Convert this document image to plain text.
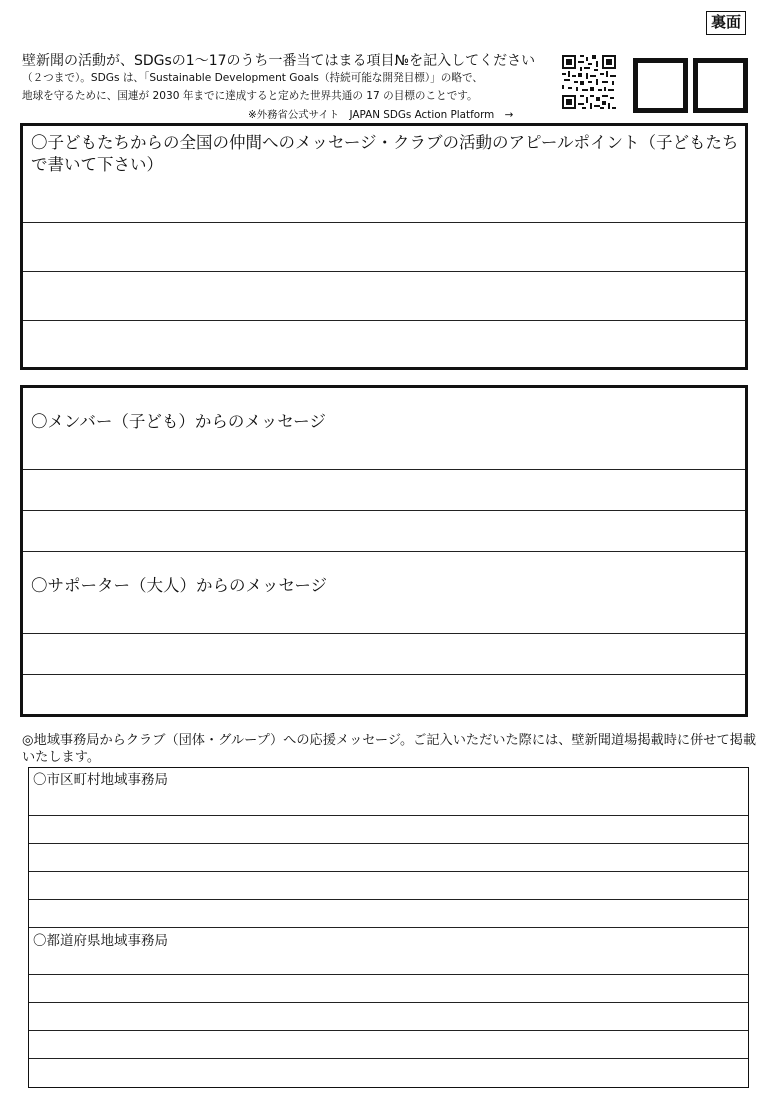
裏面
壁新聞の活動が、SDGsの1～17のうち一番当てはまる項目№を記入してください
（２つまで）。SDGs は、「Sustainable Development Goals（持続可能な開発目標）」の略で、
地球を守るために、国連が 2030 年までに達成すると定めた世界共通の 17 の目標のことです。
※外務省公式サイト　JAPAN SDGs Action Platform　→
〇子どもたちからの全国の仲間へのメッセージ・クラブの活動のアピールポイント（子どもたちで書いて下さい）
〇メンバー（子ども）からのメッセージ
〇サポーター（大人）からのメッセージ
◎地域事務局からクラブ（団体・グループ）への応援メッセージ。ご記入いただいた際には、壁新聞道場掲載時に併せて掲載いたします。
〇市区町村地域事務局
〇都道府県地域事務局
